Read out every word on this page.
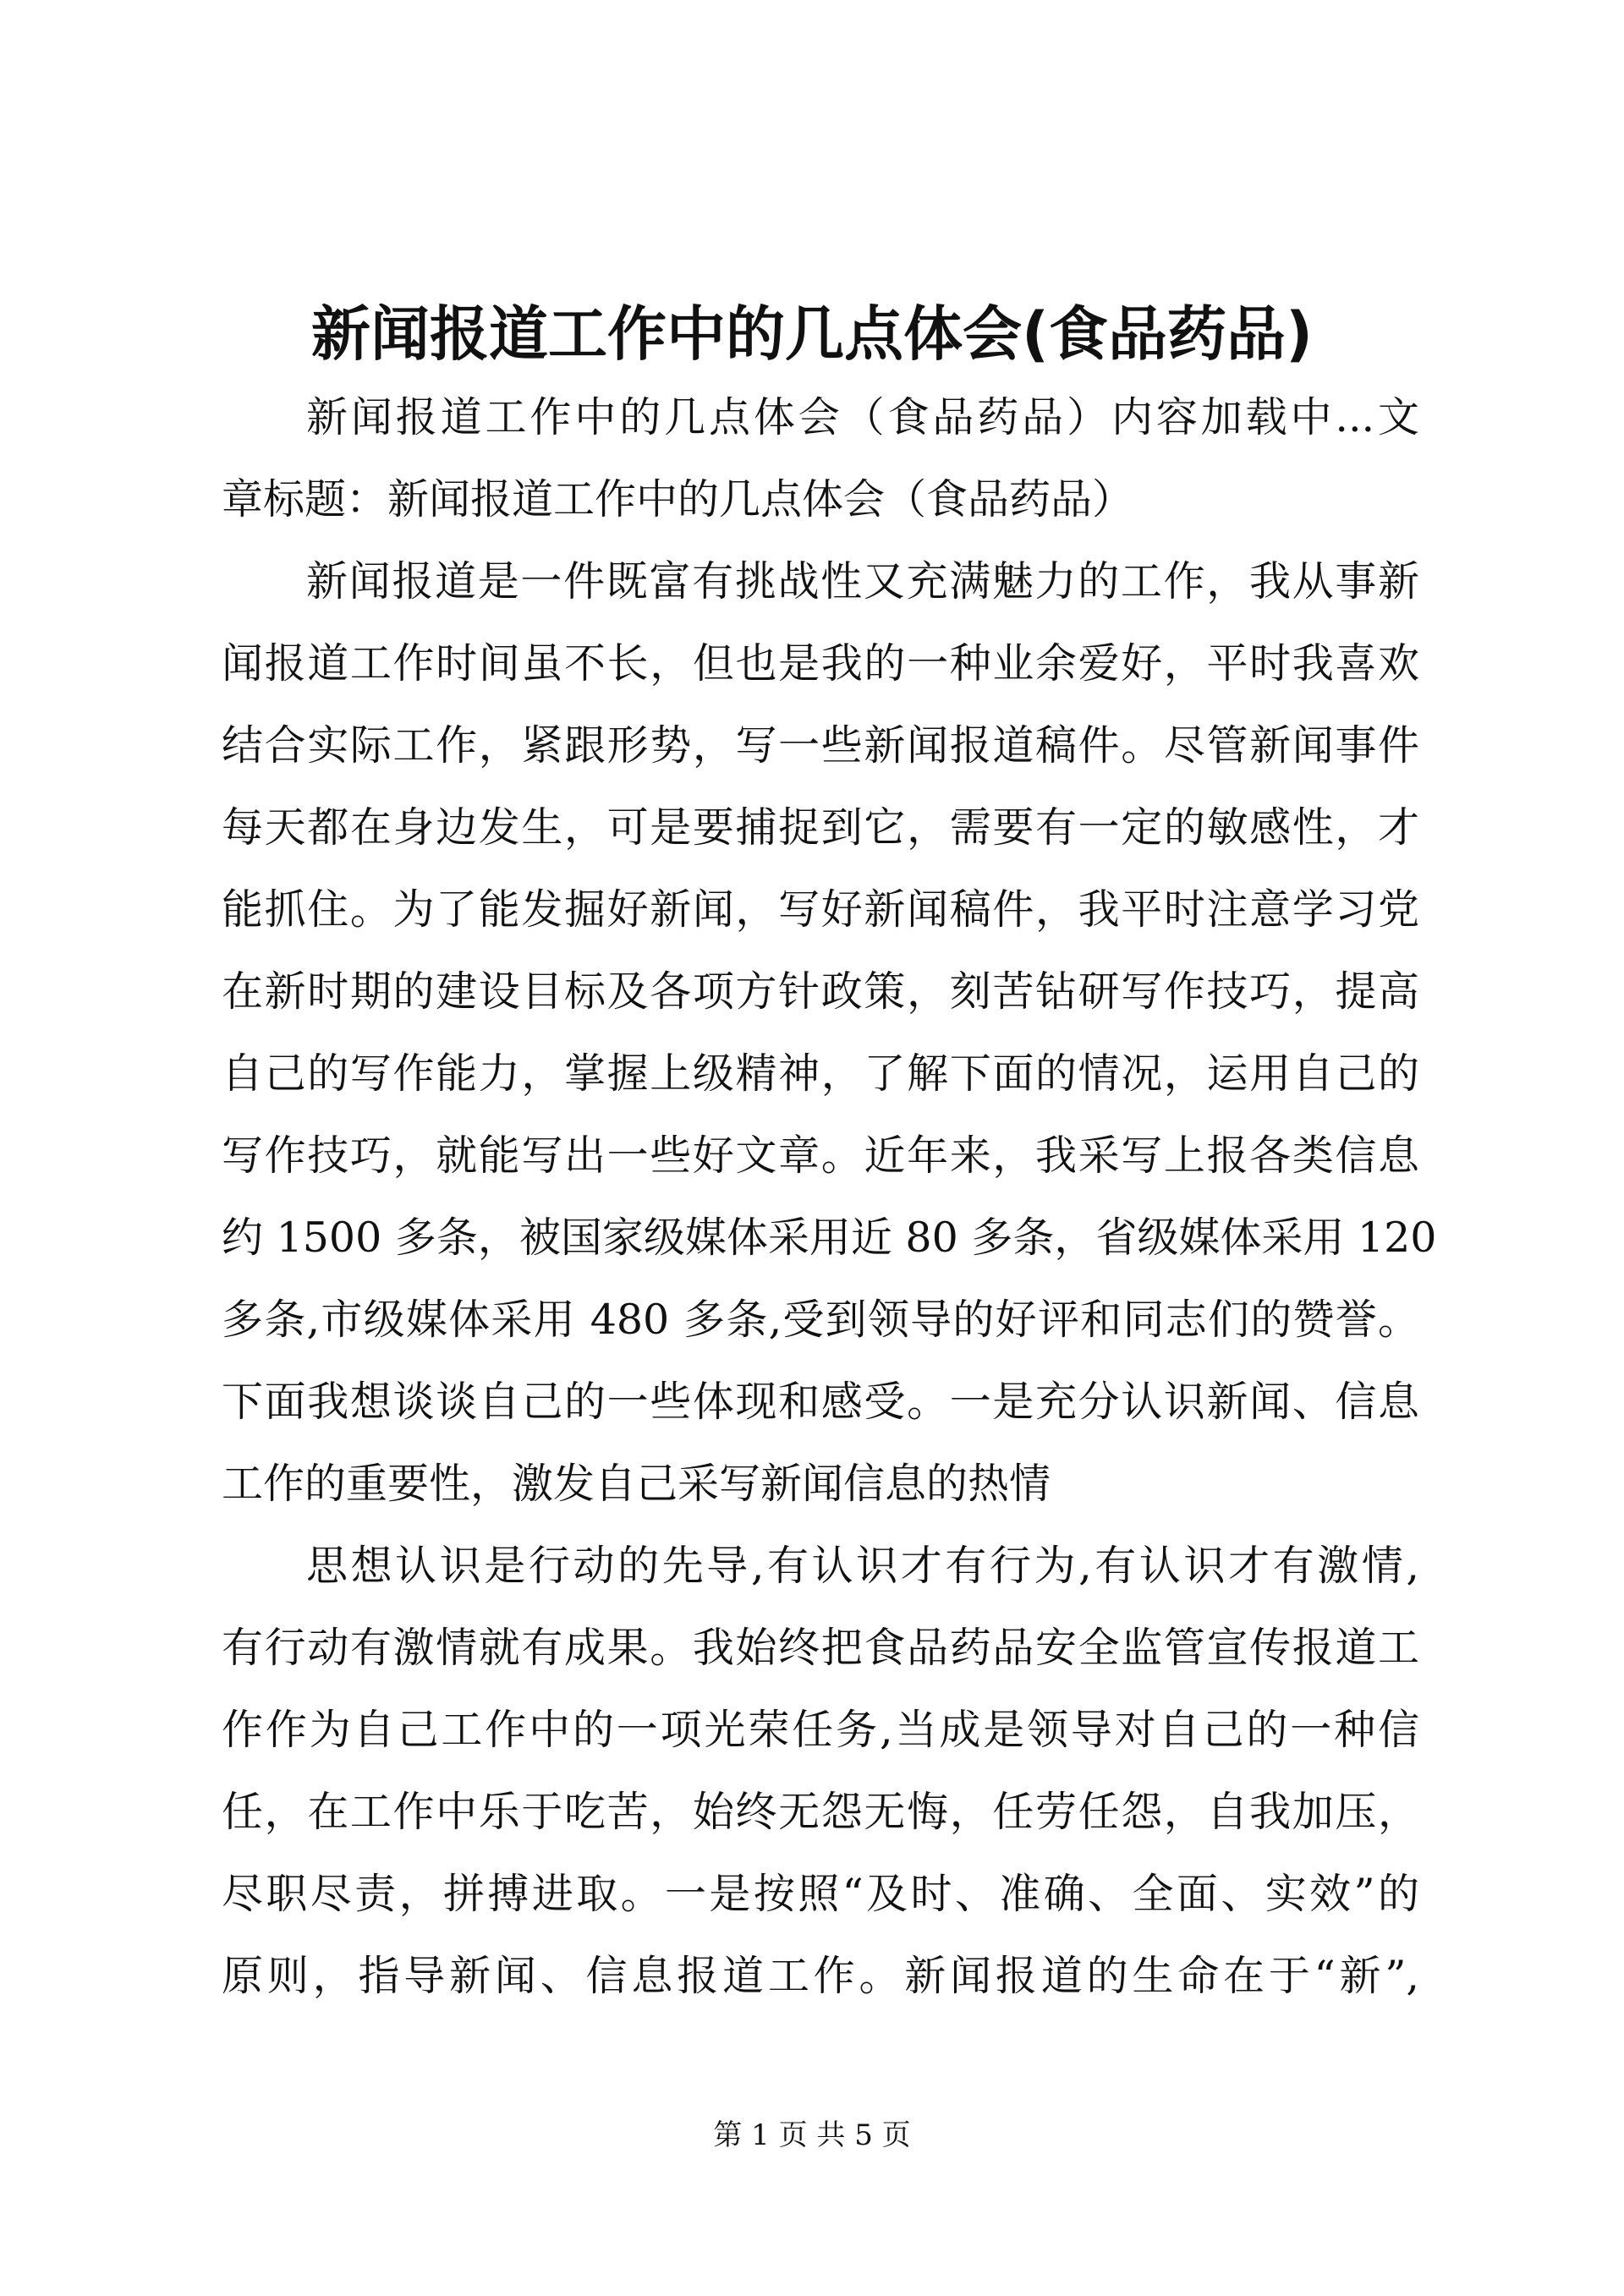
新闻报道工作中的几点体会(食品药品)
新闻报道工作中的几点体会（食品药品）内容加载中...文
章标题：新闻报道工作中的几点体会（食品药品）
新闻报道是一件既富有挑战性又充满魅力的工作，我从事新
闻报道工作时间虽不长，但也是我的一种业余爱好，平时我喜欢
结合实际工作，紧跟形势，写一些新闻报道稿件。尽管新闻事件
每天都在身边发生，可是要捕捉到它，需要有一定的敏感性，才
能抓住。为了能发掘好新闻，写好新闻稿件，我平时注意学习党
在新时期的建设目标及各项方针政策，刻苦钻研写作技巧，提高
自己的写作能力，掌握上级精神，了解下面的情况，运用自己的
写作技巧，就能写出一些好文章。近年来，我采写上报各类信息
约 1500 多条，被国家级媒体采用近 80 多条，省级媒体采用 120
多条,市级媒体采用 480 多条,受到领导的好评和同志们的赞誉。
下面我想谈谈自己的一些体现和感受。一是充分认识新闻、信息
工作的重要性，激发自己采写新闻信息的热情
思想认识是行动的先导,有认识才有行为,有认识才有激情,
有行动有激情就有成果。我始终把食品药品安全监管宣传报道工
作作为自己工作中的一项光荣任务,当成是领导对自己的一种信
任，在工作中乐于吃苦，始终无怨无悔，任劳任怨，自我加压，
尽职尽责，拼搏进取。一是按照“及时、准确、全面、实效”的
原则，指导新闻、信息报道工作。新闻报道的生命在于“新”,
第 1 页 共 5 页
